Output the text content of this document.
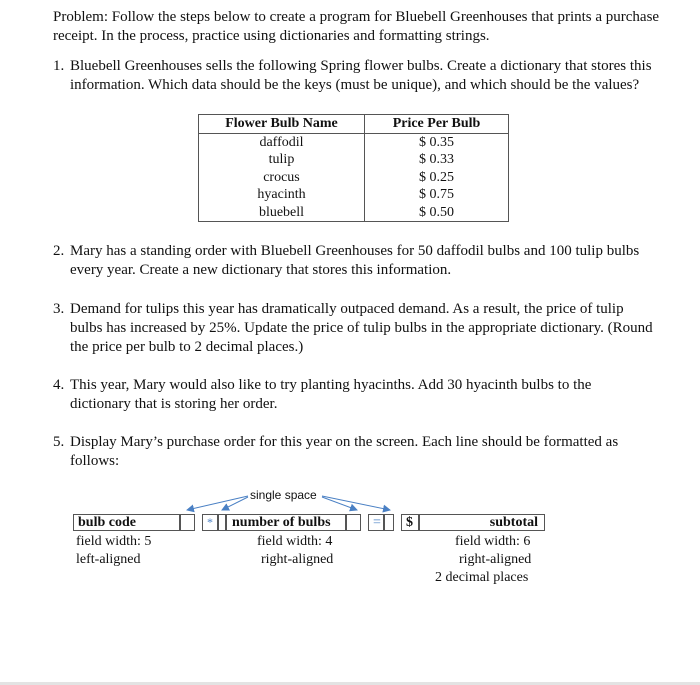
Problem: Follow the steps below to create a program for Bluebell Greenhouses that prints a purchase receipt. In the process, practice using dictionaries and formatting strings.

1. Bluebell Greenhouses sells the following Spring flower bulbs. Create a dictionary that stores this information. Which data should be the keys (must be unique), and which should be the values?
Flower Bulb Name	Price Per Bulb
daffodil	$ 0.35
tulip	$ 0.33
crocus	$ 0.25
hyacinth	$ 0.75
bluebell	$ 0.50
2. Mary has a standing order with Bluebell Greenhouses for 50 daffodil bulbs and 100 tulip bulbs every year. Create a new dictionary that stores this information.
3. Demand for tulips this year has dramatically outpaced demand. As a result, the price of tulip bulbs has increased by 25%. Update the price of tulip bulbs in the appropriate dictionary. (Round the price per bulb to 2 decimal places.)
4. This year, Mary would also like to try planting hyacinths. Add 30 hyacinth bulbs to the dictionary that is storing her order.
5. Display Mary’s purchase order for this year on the screen. Each line should be formatted as follows:
single space
bulb code	* number of bulbs	= $	subtotal
field width: 5
left-aligned
field width: 4
right-aligned
field width: 6
right-aligned
2 decimal places
